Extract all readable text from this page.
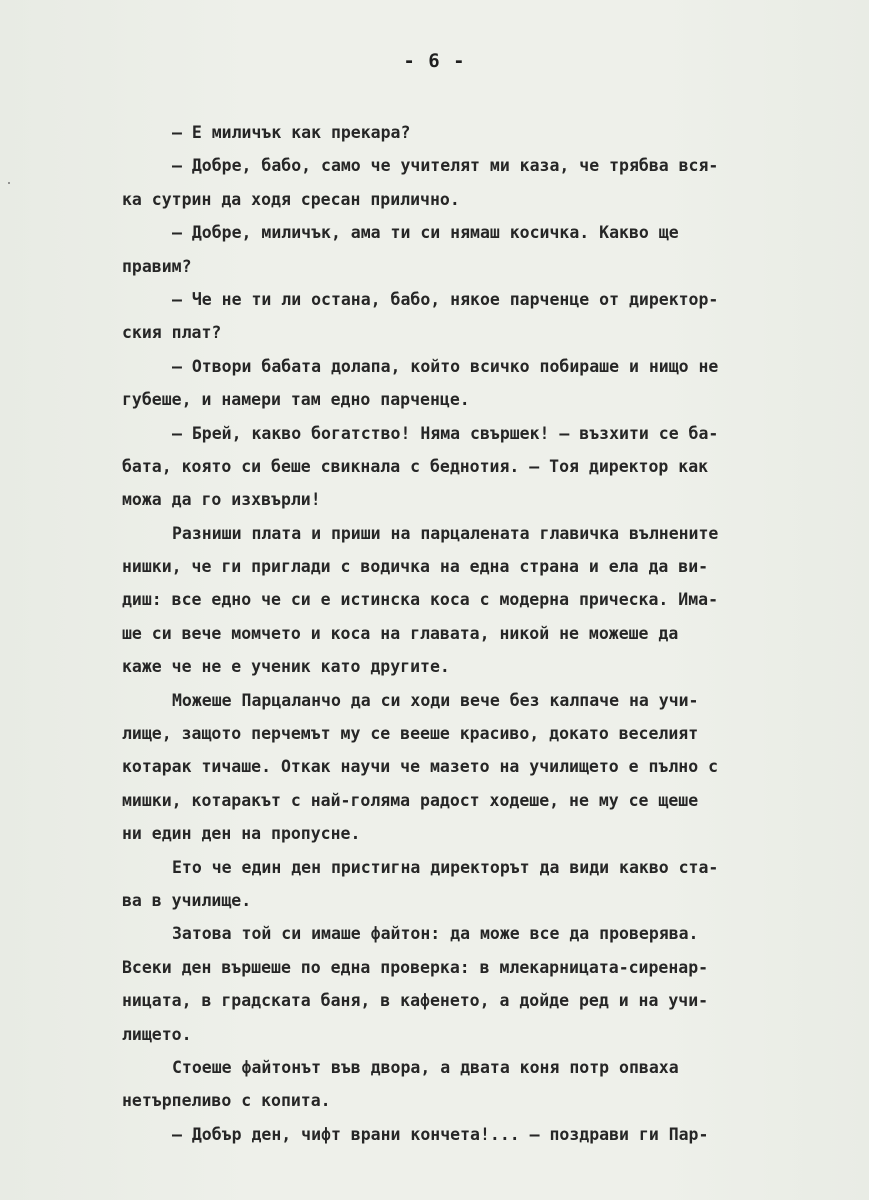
- 6 -
– Е миличък как прекара?
– Добре, бабо, само че учителят ми каза, че трябва вся-
ка сутрин да ходя сресан прилично.
– Добре, миличък, ама ти си нямаш косичка. Какво ще
правим?
– Че не ти ли остана, бабо, някое парченце от директор-
ския плат?
– Отвори бабата долапа, който всичко побираше и нищо не
губеше, и намери там едно парченце.
– Брей, какво богатство! Няма свършек! – възхити се ба-
бата, която си беше свикнала с беднотия. – Тоя директор как
можа да го изхвърли!
Разниши плата и приши на парцалената главичка вълнените
нишки, че ги приглади с водичка на една страна и ела да ви-
диш: все едно че си е истинска коса с модерна прическа. Има-
ше си вече момчето и коса на главата, никой не можеше да
каже че не е ученик като другите.
Можеше Парцаланчо да си ходи вече без калпаче на учи-
лище, защото перчемът му се вееше красиво, докато веселият
котарак тичаше. Откак научи че мазето на училището е пълно с
мишки, котаракът с най-голяма радост ходеше, не му се щеше
ни един ден на пропусне.
Ето че един ден пристигна директорът да види какво ста-
ва в училище.
Затова той си имаше файтон: да може все да проверява.
Всеки ден вършеше по една проверка: в млекарницата-сиренар-
ницата, в градската баня, в кафенето, а дойде ред и на учи-
лището.
Стоеше файтонът във двора, а двата коня потр опваха
нетърпеливо с копита.
– Добър ден, чифт врани кончета!... – поздрави ги Пар-
